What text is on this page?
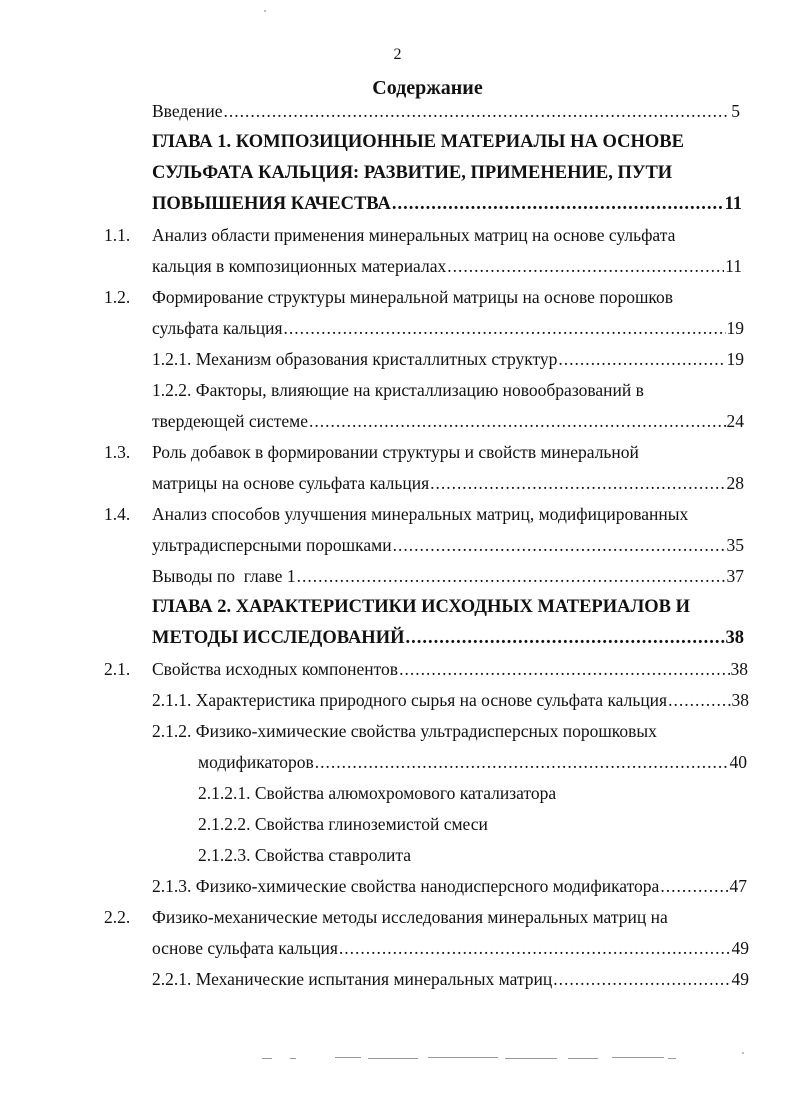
2
Содержание
Введение .....	5
ГЛАВА 1. КОМПОЗИЦИОННЫЕ МАТЕРИАЛЫ НА ОСНОВЕ
СУЛЬФАТА КАЛЬЦИЯ: РАЗВИТИЕ, ПРИМЕНЕНИЕ, ПУТИ
ПОВЫШЕНИЯ КАЧЕСТВА .....	11
1.1. Анализ области применения минеральных матриц на основе сульфата
кальция в композиционных материалах .....	11
1.2. Формирование структуры минеральной матрицы на основе порошков
сульфата кальция .....	19
1.2.1. Механизм образования кристаллитных структур .....	19
1.2.2. Факторы, влияющие на кристаллизацию новообразований в
твердеющей системе .....	24
1.3. Роль добавок в формировании структуры и свойств минеральной
матрицы на основе сульфата кальция .....	28
1.4. Анализ способов улучшения минеральных матриц, модифицированных
ультрадисперсными порошками .....	35
Выводы по  главе 1 .....	37
ГЛАВА 2. ХАРАКТЕРИСТИКИ ИСХОДНЫХ МАТЕРИАЛОВ И
МЕТОДЫ ИССЛЕДОВАНИЙ .....	38
2.1. Свойства исходных компонентов .....	38
2.1.1. Характеристика природного сырья на основе сульфата кальция .....	38
2.1.2. Физико-химические свойства ультрадисперсных порошковых
модификаторов .....	40
2.1.2.1. Свойства алюмохромового катализатора
2.1.2.2. Свойства глиноземистой смеси
2.1.2.3. Свойства ставролита
2.1.3. Физико-химические свойства нанодисперсного модификатора .....	47
2.2. Физико-механические методы исследования минеральных матриц на
основе сульфата кальция .....	49
2.2.1. Механические испытания минеральных матриц .....	49
